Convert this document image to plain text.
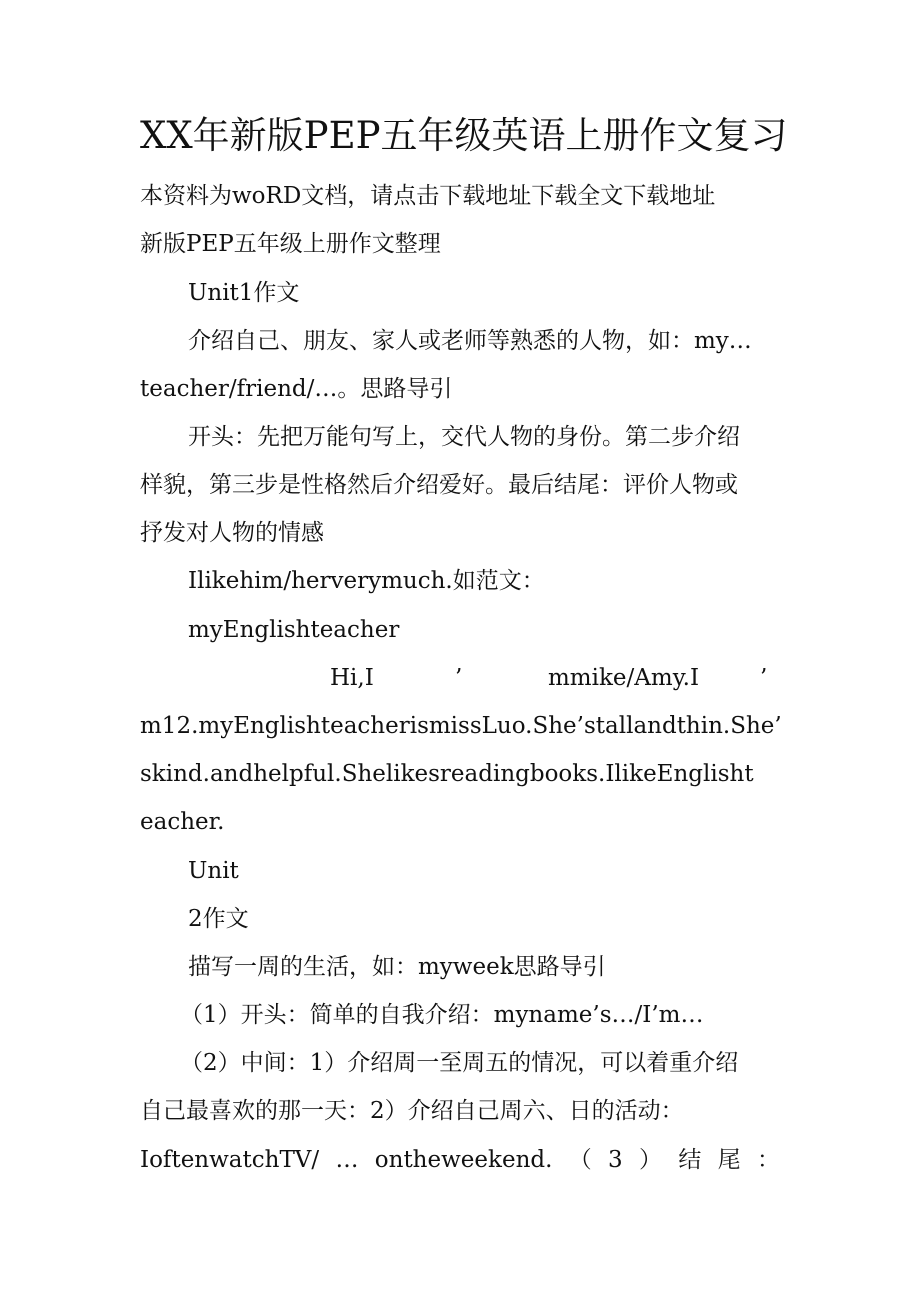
XX年新版PEP五年级英语上册作文复习
本资料为woRD文档，请点击下载地址下载全文下载地址
新版PEP五年级上册作文整理
Unit1作文
介绍自己、朋友、家人或老师等熟悉的人物，如：my…
teacher/friend/…。思路导引
开头：先把万能句写上，交代人物的身份。第二步介绍
样貌，第三步是性格然后介绍爱好。最后结尾：评价人物或
抒发对人物的情感
Ilikehim/herverymuch.如范文：
myEnglishteacher
Hi,I	’	mmike/Amy.I	’
m12.myEnglishteacherismissLuo.She’stallandthin.She’
skind.andhelpful.Shelikesreadingbooks.IlikeEnglisht
eacher.
Unit
2作文
描写一周的生活，如：myweek思路导引
（1）开头：简单的自我介绍：myname’s…/I’m…
（2）中间：1）介绍周一至周五的情况，可以着重介绍
自己最喜欢的那一天：2）介绍自己周六、日的活动：
IoftenwatchTV/ … ontheweekend. （ 3 ） 结 尾 ：
